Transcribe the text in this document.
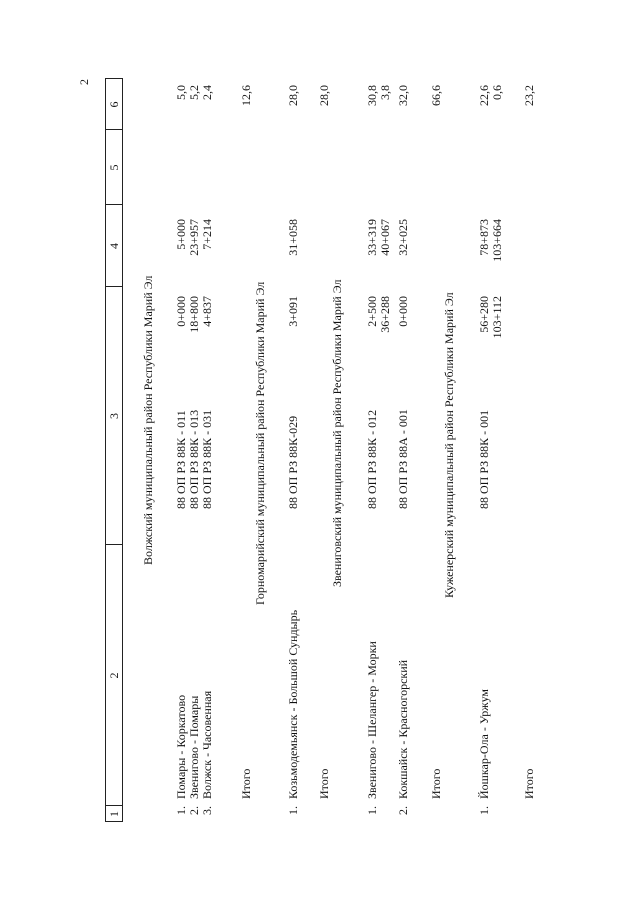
2
1
2
3
4
5
6
Волжский муниципальный район Республики Марий Эл
1.
Помары - Коркатово
88 ОП РЗ 88К - 011
0+000
5+000
5,0
2.
Звенигово - Помары
88 ОП РЗ 88К - 013
18+800
23+957
5,2
3.
Волжск - Часовенная
88 ОП РЗ 88К - 031
4+837
7+214
2,4
Итого
12,6
Горномарийский муниципальный район Республики Марий Эл
1.
Козьмодемьянск - Большой Сундырь
88 ОП РЗ 88К-029
3+091
31+058
28,0
Итого
28,0
Звениговский муниципальный район Республики Марий Эл
1.
Звенигово - Шелангер - Морки
88 ОП РЗ 88К - 012
2+500
33+319
30,8
36+288
40+067
3,8
2.
Кокшайск - Красногорский
88 ОП РЗ 88А - 001
0+000
32+025
32,0
Итого
66,6
Куженерский муниципальный район Республики Марий Эл
1.
Йошкар-Ола - Уржум
88 ОП РЗ 88К - 001
56+280
78+873
22,6
103+112
103+664
0,6
Итого
23,2
